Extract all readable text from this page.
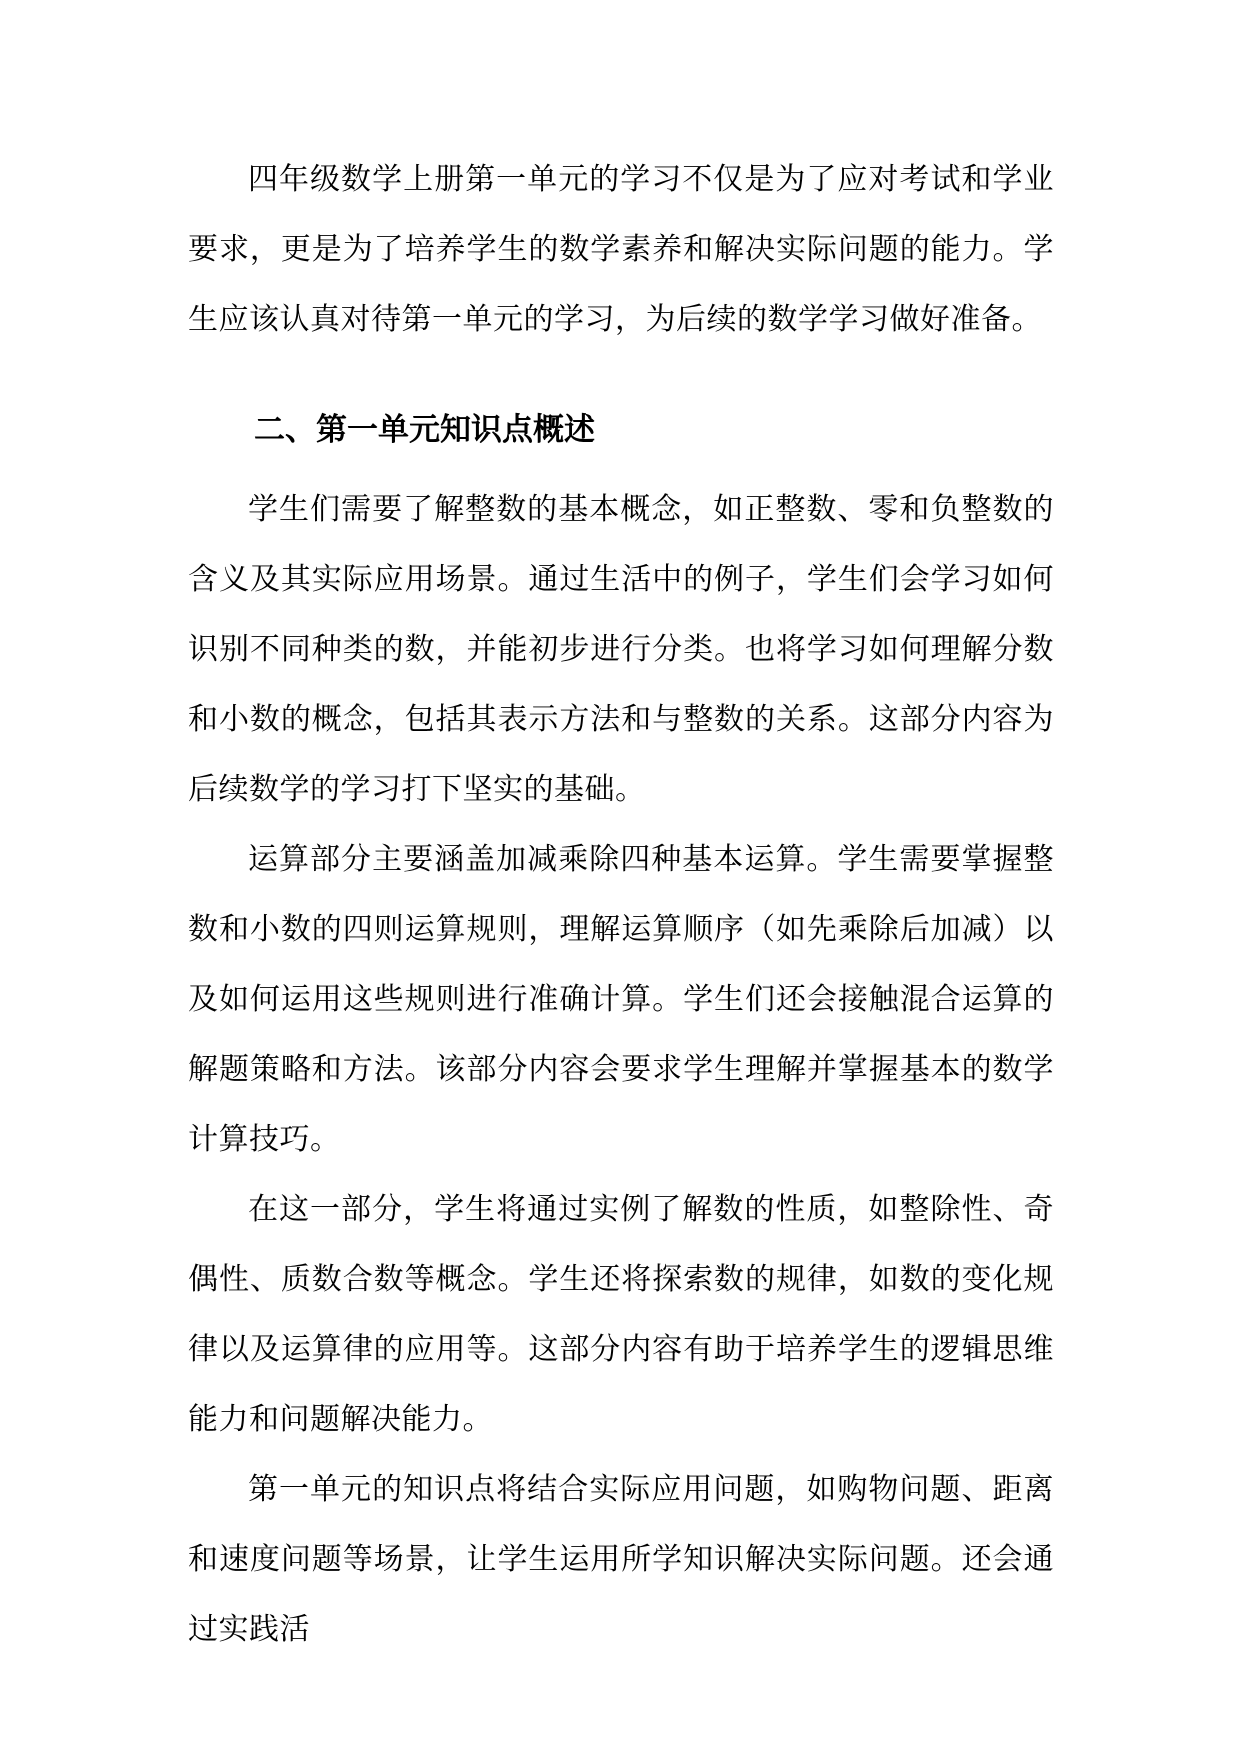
四年级数学上册第一单元的学习不仅是为了应对考试和学业要求，更是为了培养学生的数学素养和解决实际问题的能力。学生应该认真对待第一单元的学习，为后续的数学学习做好准备。

二、第一单元知识点概述

学生们需要了解整数的基本概念，如正整数、零和负整数的含义及其实际应用场景。通过生活中的例子，学生们会学习如何识别不同种类的数，并能初步进行分类。也将学习如何理解分数和小数的概念，包括其表示方法和与整数的关系。这部分内容为后续数学的学习打下坚实的基础。

运算部分主要涵盖加减乘除四种基本运算。学生需要掌握整数和小数的四则运算规则，理解运算顺序（如先乘除后加减）以及如何运用这些规则进行准确计算。学生们还会接触混合运算的解题策略和方法。该部分内容会要求学生理解并掌握基本的数学计算技巧。

在这一部分，学生将通过实例了解数的性质，如整除性、奇偶性、质数合数等概念。学生还将探索数的规律，如数的变化规律以及运算律的应用等。这部分内容有助于培养学生的逻辑思维能力和问题解决能力。

第一单元的知识点将结合实际应用问题，如购物问题、距离和速度问题等场景，让学生运用所学知识解决实际问题。还会通过实践活
